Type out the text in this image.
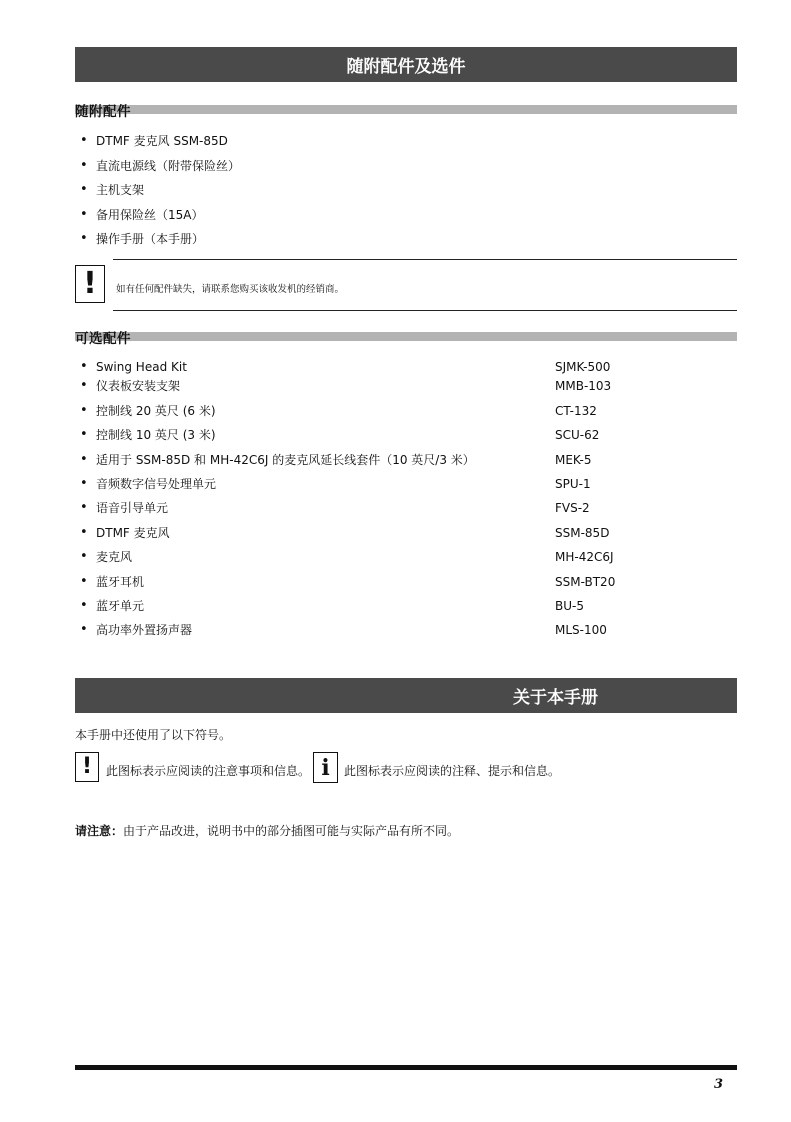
随附配件及选件
随附配件
• DTMF 麦克风 SSM-85D
• 直流电源线（附带保险丝）
• 主机支架
• 备用保险丝（15A）
• 操作手册（本手册）
! 如有任何配件缺失，请联系您购买该收发机的经销商。
可选配件
• Swing Head Kit	SJMK-500
• 仪表板安装支架	MMB-103
• 控制线 20 英尺 (6 米)	CT-132
• 控制线 10 英尺 (3 米)	SCU-62
• 适用于 SSM-85D 和 MH-42C6J 的麦克风延长线套件（10 英尺/3 米）	MEK-5
• 音频数字信号处理单元	SPU-1
• 语音引导单元	FVS-2
• DTMF 麦克风	SSM-85D
• 麦克风	MH-42C6J
• 蓝牙耳机	SSM-BT20
• 蓝牙单元	BU-5
• 高功率外置扬声器	MLS-100
关于本手册
本手册中还使用了以下符号。
! 此图标表示应阅读的注意事项和信息。 i 此图标表示应阅读的注释、提示和信息。
请注意：由于产品改进，说明书中的部分插图可能与实际产品有所不同。
3
